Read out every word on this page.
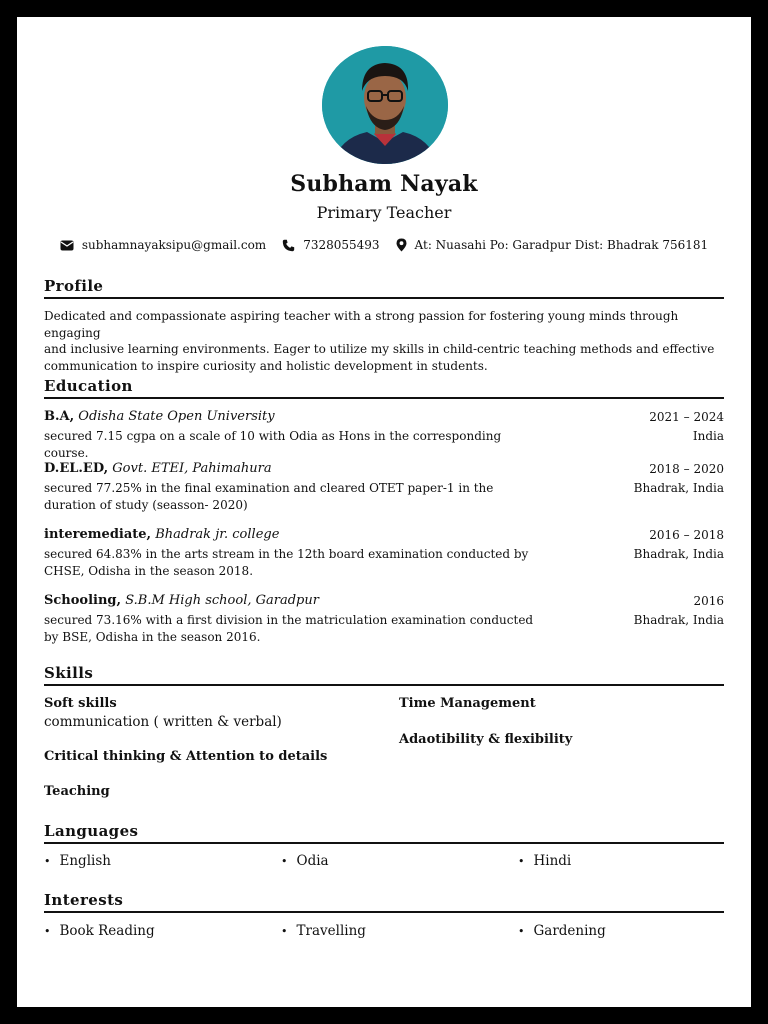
Subham Nayak
Primary Teacher
subhamnayaksipu@gmail.com	7328055493	At: Nuasahi Po: Garadpur Dist: Bhadrak 756181
Profile
Dedicated and compassionate aspiring teacher with a strong passion for fostering young minds through engaging
and inclusive learning environments. Eager to utilize my skills in child-centric teaching methods and effective
communication to inspire curiosity and holistic development in students.
Education
B.A, Odisha State Open University	2021 – 2024
secured 7.15 cgpa on a scale of 10 with Odia as Hons in the corresponding course.
India
D.EL.ED, Govt. ETEI, Pahimahura	2018 – 2020
secured 77.25% in the final examination and cleared OTET paper-1 in the duration of study (seasson- 2020)
Bhadrak, India
interemediate, Bhadrak jr. college	2016 – 2018
secured 64.83% in the arts stream in the 12th board examination conducted by CHSE, Odisha in the season 2018.
Bhadrak, India
Schooling, S.B.M High school, Garadpur	2016
secured 73.16% with a first division in the matriculation examination conducted by BSE, Odisha in the season 2016.
Bhadrak, India
Skills
Soft skills
communication ( written & verbal)
Critical thinking & Attention to details
Teaching
Time Management
Adaotibility & flexibility
Languages
• English	• Odia	• Hindi
Interests
• Book Reading	• Travelling	• Gardening
